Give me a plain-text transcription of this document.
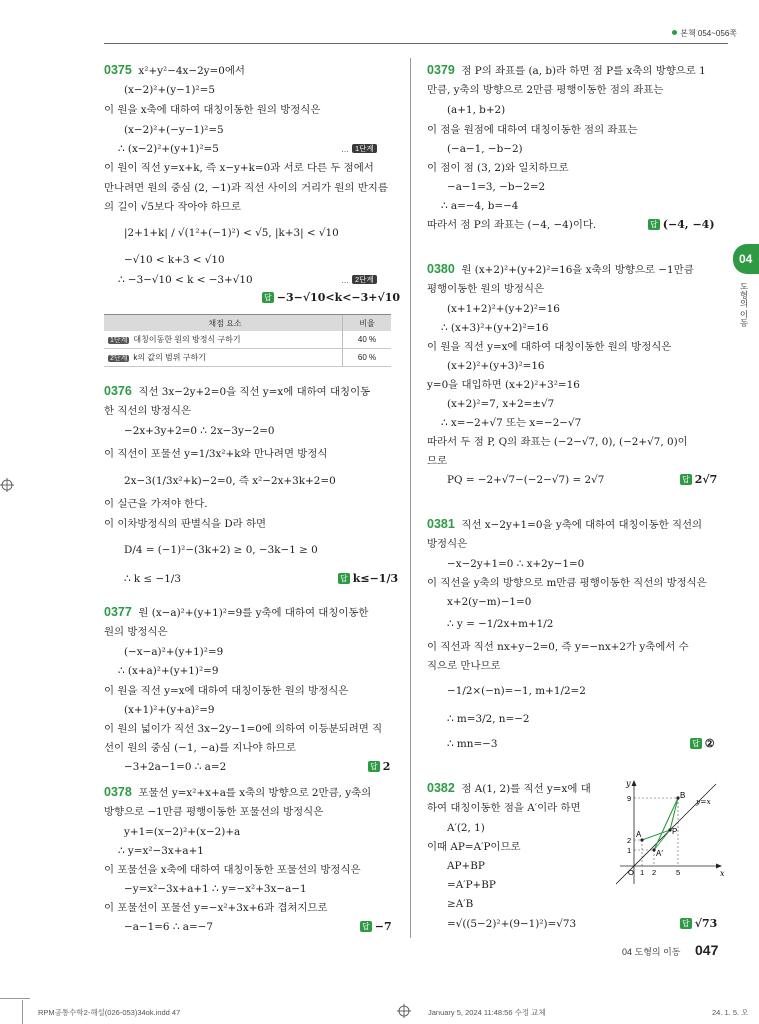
본책 054~056쪽
04
도형의 이동
0375 x²+y²−4x−2y=0에서
(x−2)²+(y−1)²=5
이 원을 x축에 대하여 대칭이동한 원의 방정식은
(x−2)²+(−y−1)²=5
∴ (x−2)²+(y+1)²=5	… 1단계
이 원이 직선 y=x+k, 즉 x−y+k=0과 서로 다른 두 점에서
만나려면 원의 중심 (2, −1)과 직선 사이의 거리가 원의 반지름
의 길이 √5보다 작아야 하므로
|2+1+k| / √(1²+(−1)²) < √5, |k+3| < √10
−√10 < k+3 < √10
∴ −3−√10 < k < −3+√10	… 2단계
답 −3−√10<k<−3+√10
채점 요소	비율
1단계 대칭이동한 원의 방정식 구하기	40 %
2단계 k의 값의 범위 구하기	60 %
0376 직선 3x−2y+2=0을 직선 y=x에 대하여 대칭이동
한 직선의 방정식은
−2x+3y+2=0 ∴ 2x−3y−2=0
이 직선이 포물선 y=1/3x²+k와 만나려면 방정식
2x−3(1/3x²+k)−2=0, 즉 x²−2x+3k+2=0
이 실근을 가져야 한다.
이 이차방정식의 판별식을 D라 하면
D/4 = (−1)²−(3k+2) ≥ 0, −3k−1 ≥ 0
∴ k ≤ −1/3	답 k≤−1/3
0377 원 (x−a)²+(y+1)²=9를 y축에 대하여 대칭이동한
원의 방정식은
(−x−a)²+(y+1)²=9
∴ (x+a)²+(y+1)²=9
이 원을 직선 y=x에 대하여 대칭이동한 원의 방정식은
(x+1)²+(y+a)²=9
이 원의 넓이가 직선 3x−2y−1=0에 의하여 이등분되려면 직
선이 원의 중심 (−1, −a)를 지나야 하므로
−3+2a−1=0 ∴ a=2	답 2
0378 포물선 y=x²+x+a를 x축의 방향으로 2만큼, y축의
방향으로 −1만큼 평행이동한 포물선의 방정식은
y+1=(x−2)²+(x−2)+a
∴ y=x²−3x+a+1
이 포물선을 x축에 대하여 대칭이동한 포물선의 방정식은
−y=x²−3x+a+1 ∴ y=−x²+3x−a−1
이 포물선이 포물선 y=−x²+3x+6과 겹쳐지므로
−a−1=6 ∴ a=−7	답 −7
0379 점 P의 좌표를 (a, b)라 하면 점 P를 x축의 방향으로 1
만큼, y축의 방향으로 2만큼 평행이동한 점의 좌표는
(a+1, b+2)
이 점을 원점에 대하여 대칭이동한 점의 좌표는
(−a−1, −b−2)
이 점이 점 (3, 2)와 일치하므로
−a−1=3, −b−2=2
∴ a=−4, b=−4
따라서 점 P의 좌표는 (−4, −4)이다.	답 (−4, −4)
0380 원 (x+2)²+(y+2)²=16을 x축의 방향으로 −1만큼
평행이동한 원의 방정식은
(x+1+2)²+(y+2)²=16
∴ (x+3)²+(y+2)²=16
이 원을 직선 y=x에 대하여 대칭이동한 원의 방정식은
(x+2)²+(y+3)²=16
y=0을 대입하면 (x+2)²+3²=16
(x+2)²=7, x+2=±√7
∴ x=−2+√7 또는 x=−2−√7
따라서 두 점 P, Q의 좌표는 (−2−√7, 0), (−2+√7, 0)이
므로
PQ = −2+√7−(−2−√7) = 2√7	답 2√7
0381 직선 x−2y+1=0을 y축에 대하여 대칭이동한 직선의
방정식은
−x−2y+1=0 ∴ x+2y−1=0
이 직선을 y축의 방향으로 m만큼 평행이동한 직선의 방정식은
x+2(y−m)−1=0
∴ y = −1/2x+m+1/2
이 직선과 직선 nx+y−2=0, 즉 y=−nx+2가 y축에서 수
직으로 만나므로
−1/2×(−n)=−1, m+1/2=2
∴ m=3/2, n=−2
∴ mn=−3	답 ②
0382 점 A(1, 2)를 직선 y=x에 대
하여 대칭이동한 점을 A′이라 하면
A′(2, 1)
이때 AP=A′P이므로
AP+BP
=A′P+BP
≥A′B
=√((5−2)²+(9−1)²)=√73	답 √73
y
x
O 1 2	5
1
2
9
A
A′
B
P
y=x
04 도형의 이동 047
RPM공통수학2-해설(026-053)34ok.indd 47	January 5, 2024 11:48:56 수정 교체	24. 1. 5. 오
